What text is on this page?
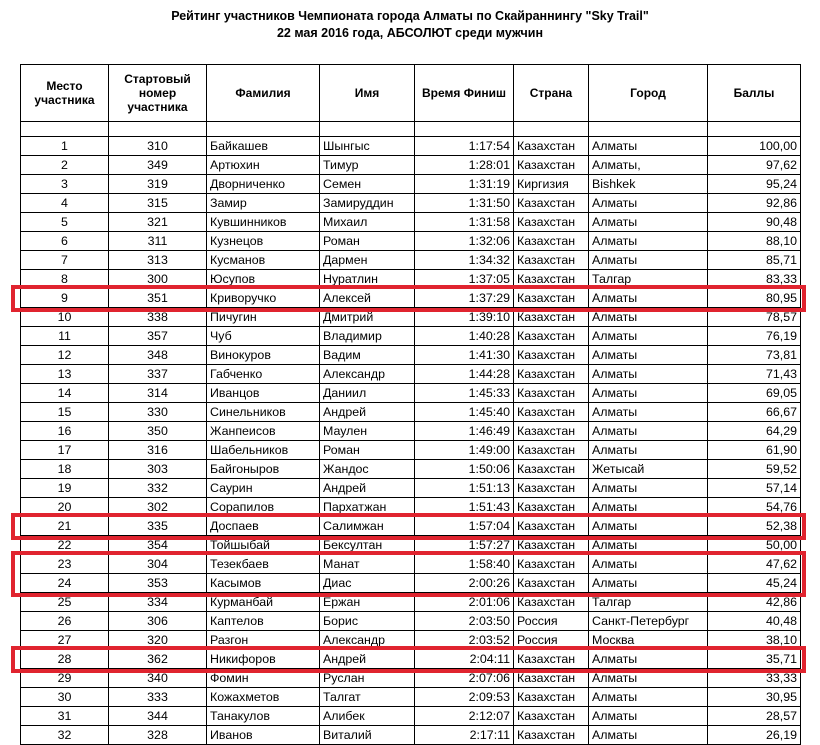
Рейтинг участников Чемпионата города Алматы по Скайраннингу "Sky Trail"
22 мая 2016 года, АБСОЛЮТ среди мужчин
Место участника	Стартовый номер участника	Фамилия	Имя	Время Финиш	Страна	Город	Баллы

1	310	Байкашев	Шынгыс	1:17:54	Казахстан	Алматы	100,00
2	349	Артюхин	Тимур	1:28:01	Казахстан	Алматы,	97,62
3	319	Дворниченко	Семен	1:31:19	Киргизия	Bishkek	95,24
4	315	Замир	Замируддин	1:31:50	Казахстан	Алматы	92,86
5	321	Кувшинников	Михаил	1:31:58	Казахстан	Алматы	90,48
6	311	Кузнецов	Роман	1:32:06	Казахстан	Алматы	88,10
7	313	Кусманов	Дармен	1:34:32	Казахстан	Алматы	85,71
8	300	Юсупов	Нуратлин	1:37:05	Казахстан	Талгар	83,33
9	351	Криворучко	Алексей	1:37:29	Казахстан	Алматы	80,95
10	338	Пичугин	Дмитрий	1:39:10	Казахстан	Алматы	78,57
11	357	Чуб	Владимир	1:40:28	Казахстан	Алматы	76,19
12	348	Винокуров	Вадим	1:41:30	Казахстан	Алматы	73,81
13	337	Габченко	Александр	1:44:28	Казахстан	Алматы	71,43
14	314	Иванцов	Даниил	1:45:33	Казахстан	Алматы	69,05
15	330	Синельников	Андрей	1:45:40	Казахстан	Алматы	66,67
16	350	Жанпеисов	Маулен	1:46:49	Казахстан	Алматы	64,29
17	316	Шабельников	Роман	1:49:00	Казахстан	Алматы	61,90
18	303	Байгоныров	Жандос	1:50:06	Казахстан	Жетысай	59,52
19	332	Саурин	Андрей	1:51:13	Казахстан	Алматы	57,14
20	302	Сорапилов	Пархатжан	1:51:43	Казахстан	Алматы	54,76
21	335	Доспаев	Салимжан	1:57:04	Казахстан	Алматы	52,38
22	354	Тойшыбай	Бексултан	1:57:27	Казахстан	Алматы	50,00
23	304	Тезекбаев	Манат	1:58:40	Казахстан	Алматы	47,62
24	353	Касымов	Диас	2:00:26	Казахстан	Алматы	45,24
25	334	Курманбай	Ержан	2:01:06	Казахстан	Талгар	42,86
26	306	Каптелов	Борис	2:03:50	Россия	Санкт-Петербург	40,48
27	320	Разгон	Александр	2:03:52	Россия	Москва	38,10
28	362	Никифоров	Андрей	2:04:11	Казахстан	Алматы	35,71
29	340	Фомин	Руслан	2:07:06	Казахстан	Алматы	33,33
30	333	Кожахметов	Талгат	2:09:53	Казахстан	Алматы	30,95
31	344	Танакулов	Алибек	2:12:07	Казахстан	Алматы	28,57
32	328	Иванов	Виталий	2:17:11	Казахстан	Алматы	26,19
